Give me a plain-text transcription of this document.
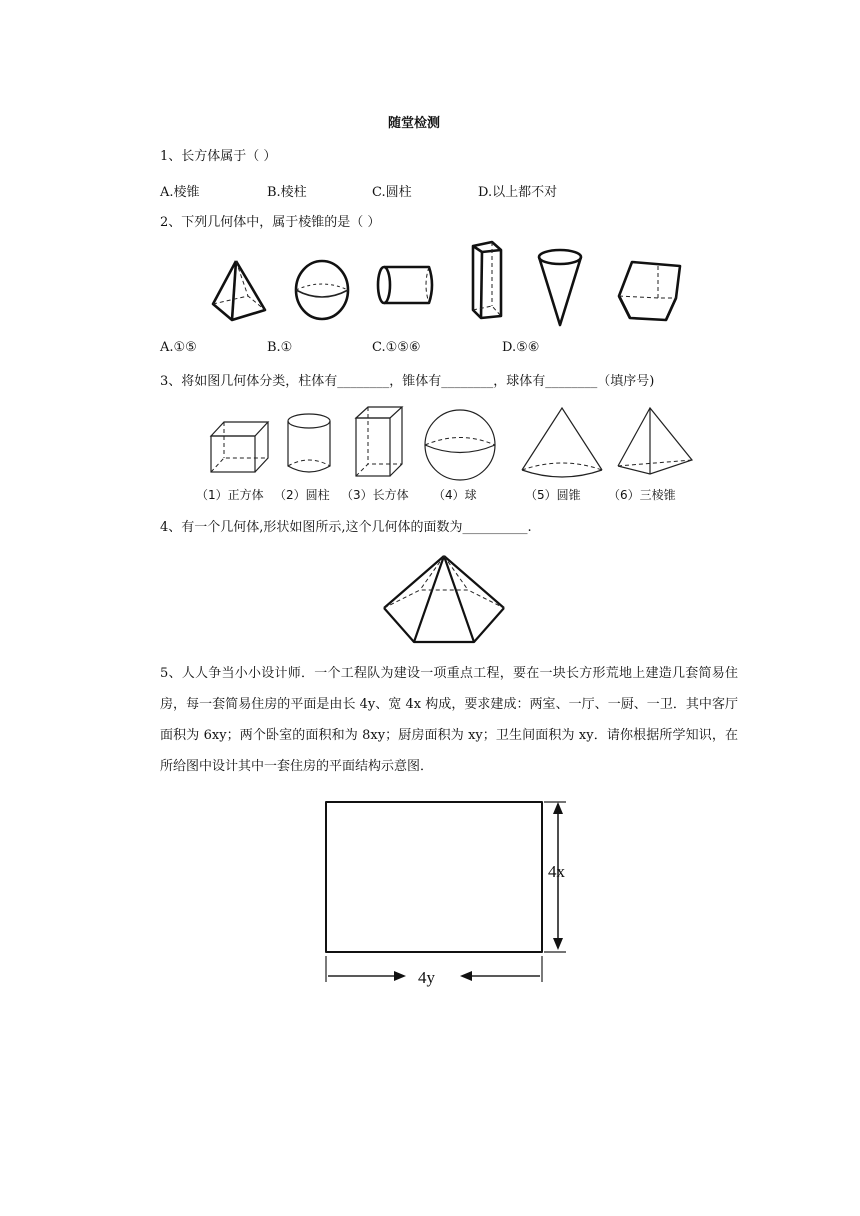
随堂检测
1、长方体属于（ ）
A.棱锥	B.棱柱	C.圆柱	D.以上都不对
2、下列几何体中，属于棱锥的是（ ）
A.①⑤	B.①	C.①⑤⑥	D.⑤⑥
3、将如图几何体分类，柱体有________，锥体有________，球体有________（填序号)
（1）正方体 （2）圆柱 （3）长方体 （4）球	（5）圆锥 （6）三棱锥
4、有一个几何体,形状如图所示,这个几何体的面数为__________.
5、人人争当小小设计师．一个工程队为建设一项重点工程，要在一块长方形荒地上建造几套简易住房，每一套简易住房的平面是由长 4y、宽 4x 构成，要求建成：两室、一厅、一厨、一卫．其中客厅面积为 6xy；两个卧室的面积和为 8xy；厨房面积为 xy；卫生间面积为 xy．请你根据所学知识，在所给图中设计其中一套住房的平面结构示意图．
4x
4y
